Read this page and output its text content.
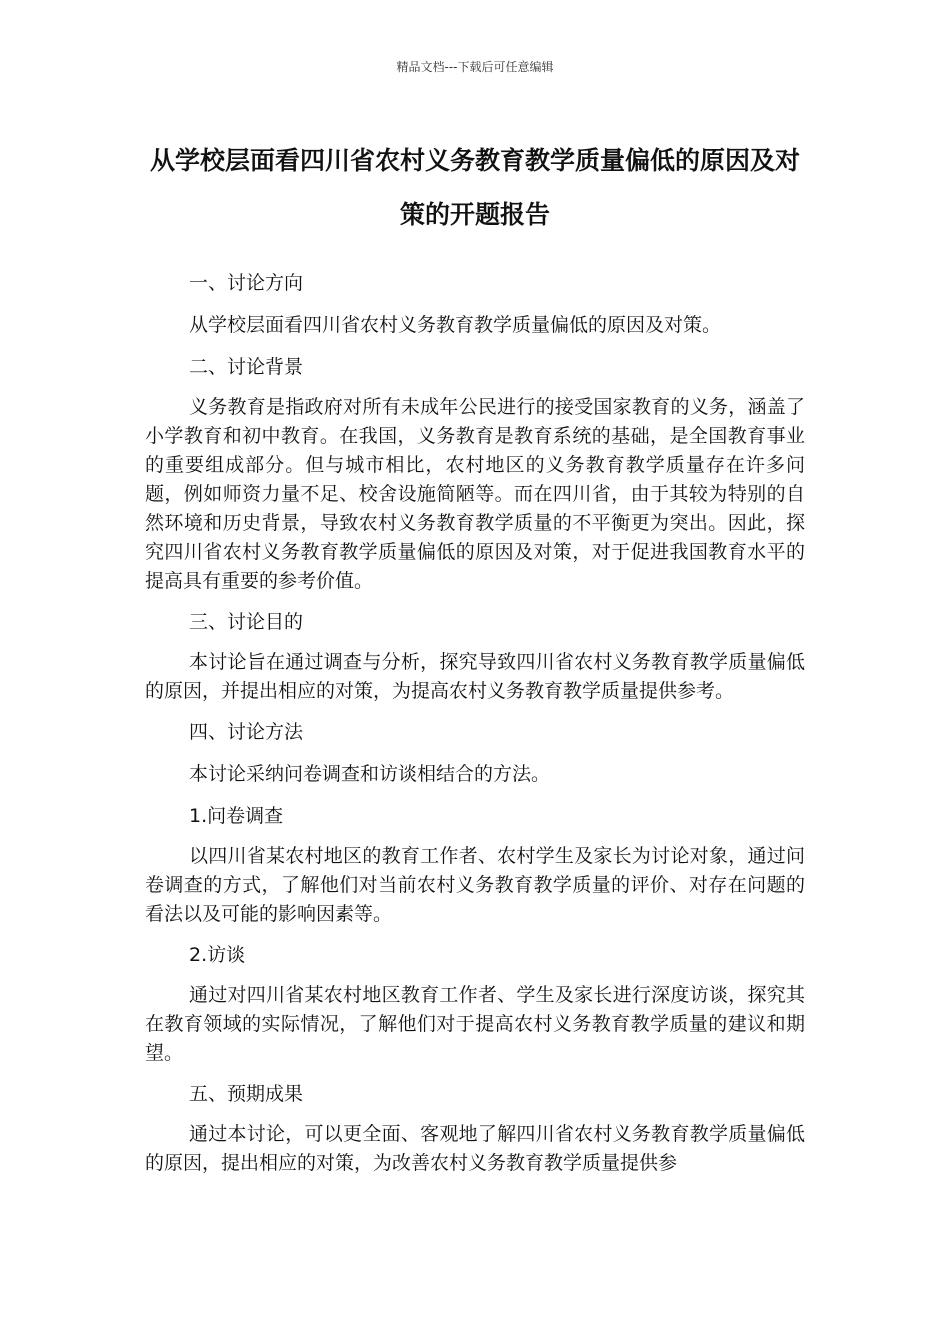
精品文档---下载后可任意编辑
从学校层面看四川省农村义务教育教学质量偏低的原因及对策的开题报告
一、讨论方向
从学校层面看四川省农村义务教育教学质量偏低的原因及对策。
二、讨论背景
义务教育是指政府对所有未成年公民进行的接受国家教育的义务，涵盖了小学教育和初中教育。在我国，义务教育是教育系统的基础，是全国教育事业的重要组成部分。但与城市相比，农村地区的义务教育教学质量存在许多问题，例如师资力量不足、校舍设施简陋等。而在四川省，由于其较为特别的自然环境和历史背景，导致农村义务教育教学质量的不平衡更为突出。因此，探究四川省农村义务教育教学质量偏低的原因及对策，对于促进我国教育水平的提高具有重要的参考价值。
三、讨论目的
本讨论旨在通过调查与分析，探究导致四川省农村义务教育教学质量偏低的原因，并提出相应的对策，为提高农村义务教育教学质量提供参考。
四、讨论方法
本讨论采纳问卷调查和访谈相结合的方法。
1.问卷调查
以四川省某农村地区的教育工作者、农村学生及家长为讨论对象，通过问卷调查的方式，了解他们对当前农村义务教育教学质量的评价、对存在问题的看法以及可能的影响因素等。
2.访谈
通过对四川省某农村地区教育工作者、学生及家长进行深度访谈，探究其在教育领域的实际情况，了解他们对于提高农村义务教育教学质量的建议和期望。
五、预期成果
通过本讨论，可以更全面、客观地了解四川省农村义务教育教学质量偏低的原因，提出相应的对策，为改善农村义务教育教学质量提供参
